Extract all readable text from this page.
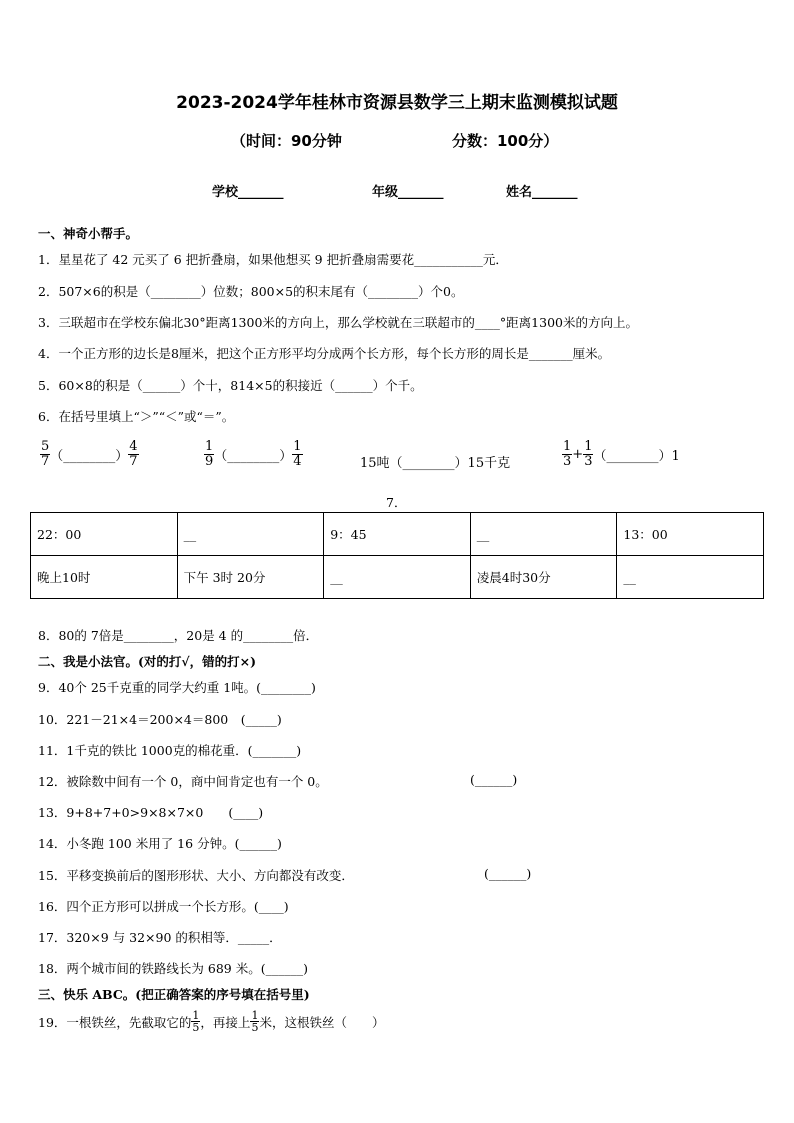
2023-2024学年桂林市资源县数学三上期末监测模拟试题
（时间：90分钟	分数：100分）
学校_______	年级_______	姓名_______
一、神奇小帮手。
1．星星花了 42 元买了 6 把折叠扇，如果他想买 9 把折叠扇需要花___________元．
2．507×6的积是（________）位数；800×5的积末尾有（________）个0。
3．三联超市在学校东偏北30°距离1300米的方向上，那么学校就在三联超市的____°距离1300米的方向上。
4．一个正方形的边长是8厘米，把这个正方形平均分成两个长方形，每个长方形的周长是_______厘米。
5．60×8的积是（______）个十，814×5的积接近（______）个千。
6．在括号里填上“＞”“＜”或“＝”。
$\frac{5}{7}$ （________） $\frac{4}{7}$	$\frac{1}{9}$ （________） $\frac{1}{4}$	15吨（________）15千克	$\frac{1}{3} + \frac{1}{3}$ （________）1
7．
22：00	__	9：45	__	13：00
晚上10时	下午 3时 20分	__	凌晨4时30分	__
8．80的 7倍是________，20是 4 的________倍．
二、我是小法官。(对的打√，错的打×)
9．40个 25千克重的同学大约重 1吨。(________)
10．221－21×4＝200×4＝800　(_____)
11．1千克的铁比 1000克的棉花重．(_______)
12．被除数中间有一个 0，商中间肯定也有一个 0。	(______)
13．9+8+7+0>9×8×7×0　　(____)
14．小冬跑 100 米用了 16 分钟。(______)
15．平移变换前后的图形形状、大小、方向都没有改变．	(______)
16．四个正方形可以拼成一个长方形。(____)
17．320×9 与 32×90 的积相等．_____．
18．两个城市间的铁路线长为 689 米。(______)
三、快乐 ABC。(把正确答案的序号填在括号里)
19．一根铁丝，先截取它的 $\frac{1}{5}$ ，再接上 $\frac{1}{5}$ 米，这根铁丝（　　）
